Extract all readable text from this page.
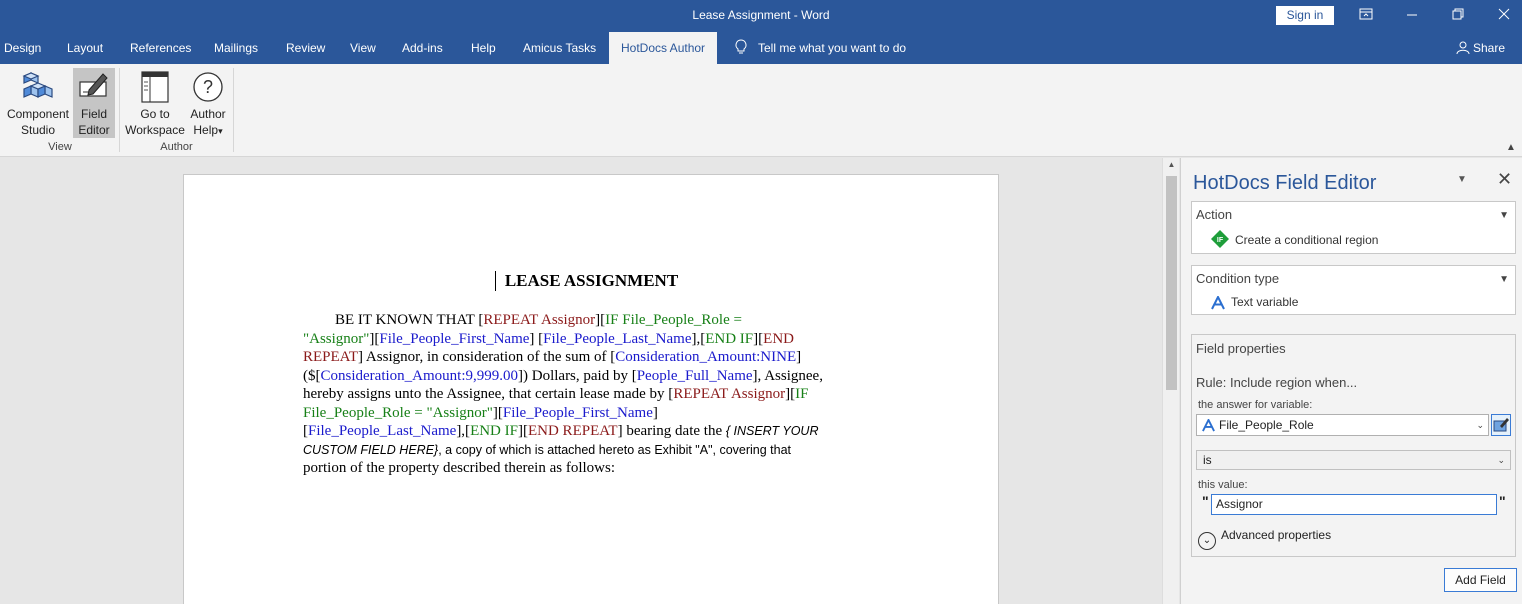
Lease Assignment - Word	Sign in
Design Layout References Mailings Review View Add-ins Help Amicus Tasks	HotDocs Author	Tell me what you want to do	Share
Component
Studio
Field
Editor
View
Go to
Workspace
?
Author
Help▾
Author	▲
LEASE ASSIGNMENT
BE IT KNOWN THAT [REPEAT Assignor][IF File_People_Role =
"Assignor"][File_People_First_Name] [File_People_Last_Name],[END IF][END
REPEAT] Assignor, in consideration of the sum of [Consideration_Amount:NINE]
($[Consideration_Amount:9,999.00]) Dollars, paid by [People_Full_Name], Assignee,
hereby assigns unto the Assignee, that certain lease made by [REPEAT Assignor][IF
File_People_Role = "Assignor"][File_People_First_Name]
[File_People_Last_Name],[END IF][END REPEAT] bearing date the { INSERT YOUR
CUSTOM FIELD HERE}, a copy of which is attached hereto as Exhibit "A", covering that
portion of the property described therein as follows:
▲
HotDocs Field Editor	▼ ✕
Action	▼
IF Create a conditional region
Condition type	▼
Text variable
Field properties
Rule: Include region when...
the answer for variable:
File_People_Role	⌄
is	⌄
this value:
" Assignor	"
⌄ Advanced properties
Add Field
